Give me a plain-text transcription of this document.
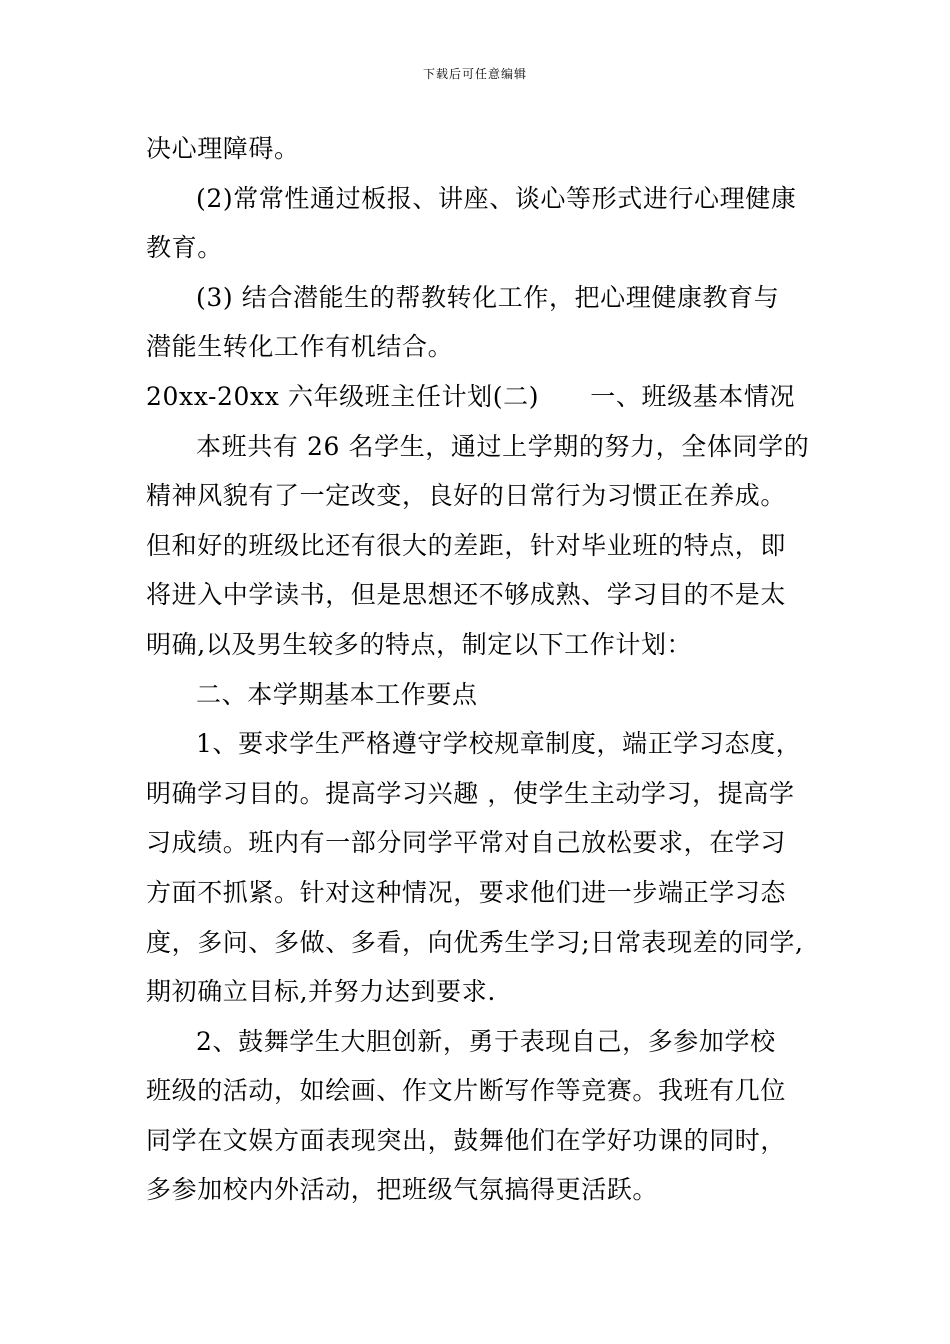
下载后可任意编辑
决心理障碍。
(2)常常性通过板报、讲座、谈心等形式进行心理健康
教育。
(3) 结合潜能生的帮教转化工作，把心理健康教育与
潜能生转化工作有机结合。
20xx-20xx 六年级班主任计划(二)　　一、班级基本情况
本班共有 26 名学生，通过上学期的努力，全体同学的
精神风貌有了一定改变，良好的日常行为习惯正在养成。
但和好的班级比还有很大的差距，针对毕业班的特点，即
将进入中学读书，但是思想还不够成熟、学习目的不是太
明确,以及男生较多的特点，制定以下工作计划：
二、本学期基本工作要点
1、要求学生严格遵守学校规章制度，端正学习态度，
明确学习目的。提高学习兴趣 ，使学生主动学习，提高学
习成绩。班内有一部分同学平常对自己放松要求，在学习
方面不抓紧。针对这种情况，要求他们进一步端正学习态
度，多问、多做、多看，向优秀生学习;日常表现差的同学,
期初确立目标,并努力达到要求.
2、鼓舞学生大胆创新，勇于表现自己，多参加学校
班级的活动，如绘画、作文片断写作等竞赛。我班有几位
同学在文娱方面表现突出，鼓舞他们在学好功课的同时，
多参加校内外活动，把班级气氛搞得更活跃。
